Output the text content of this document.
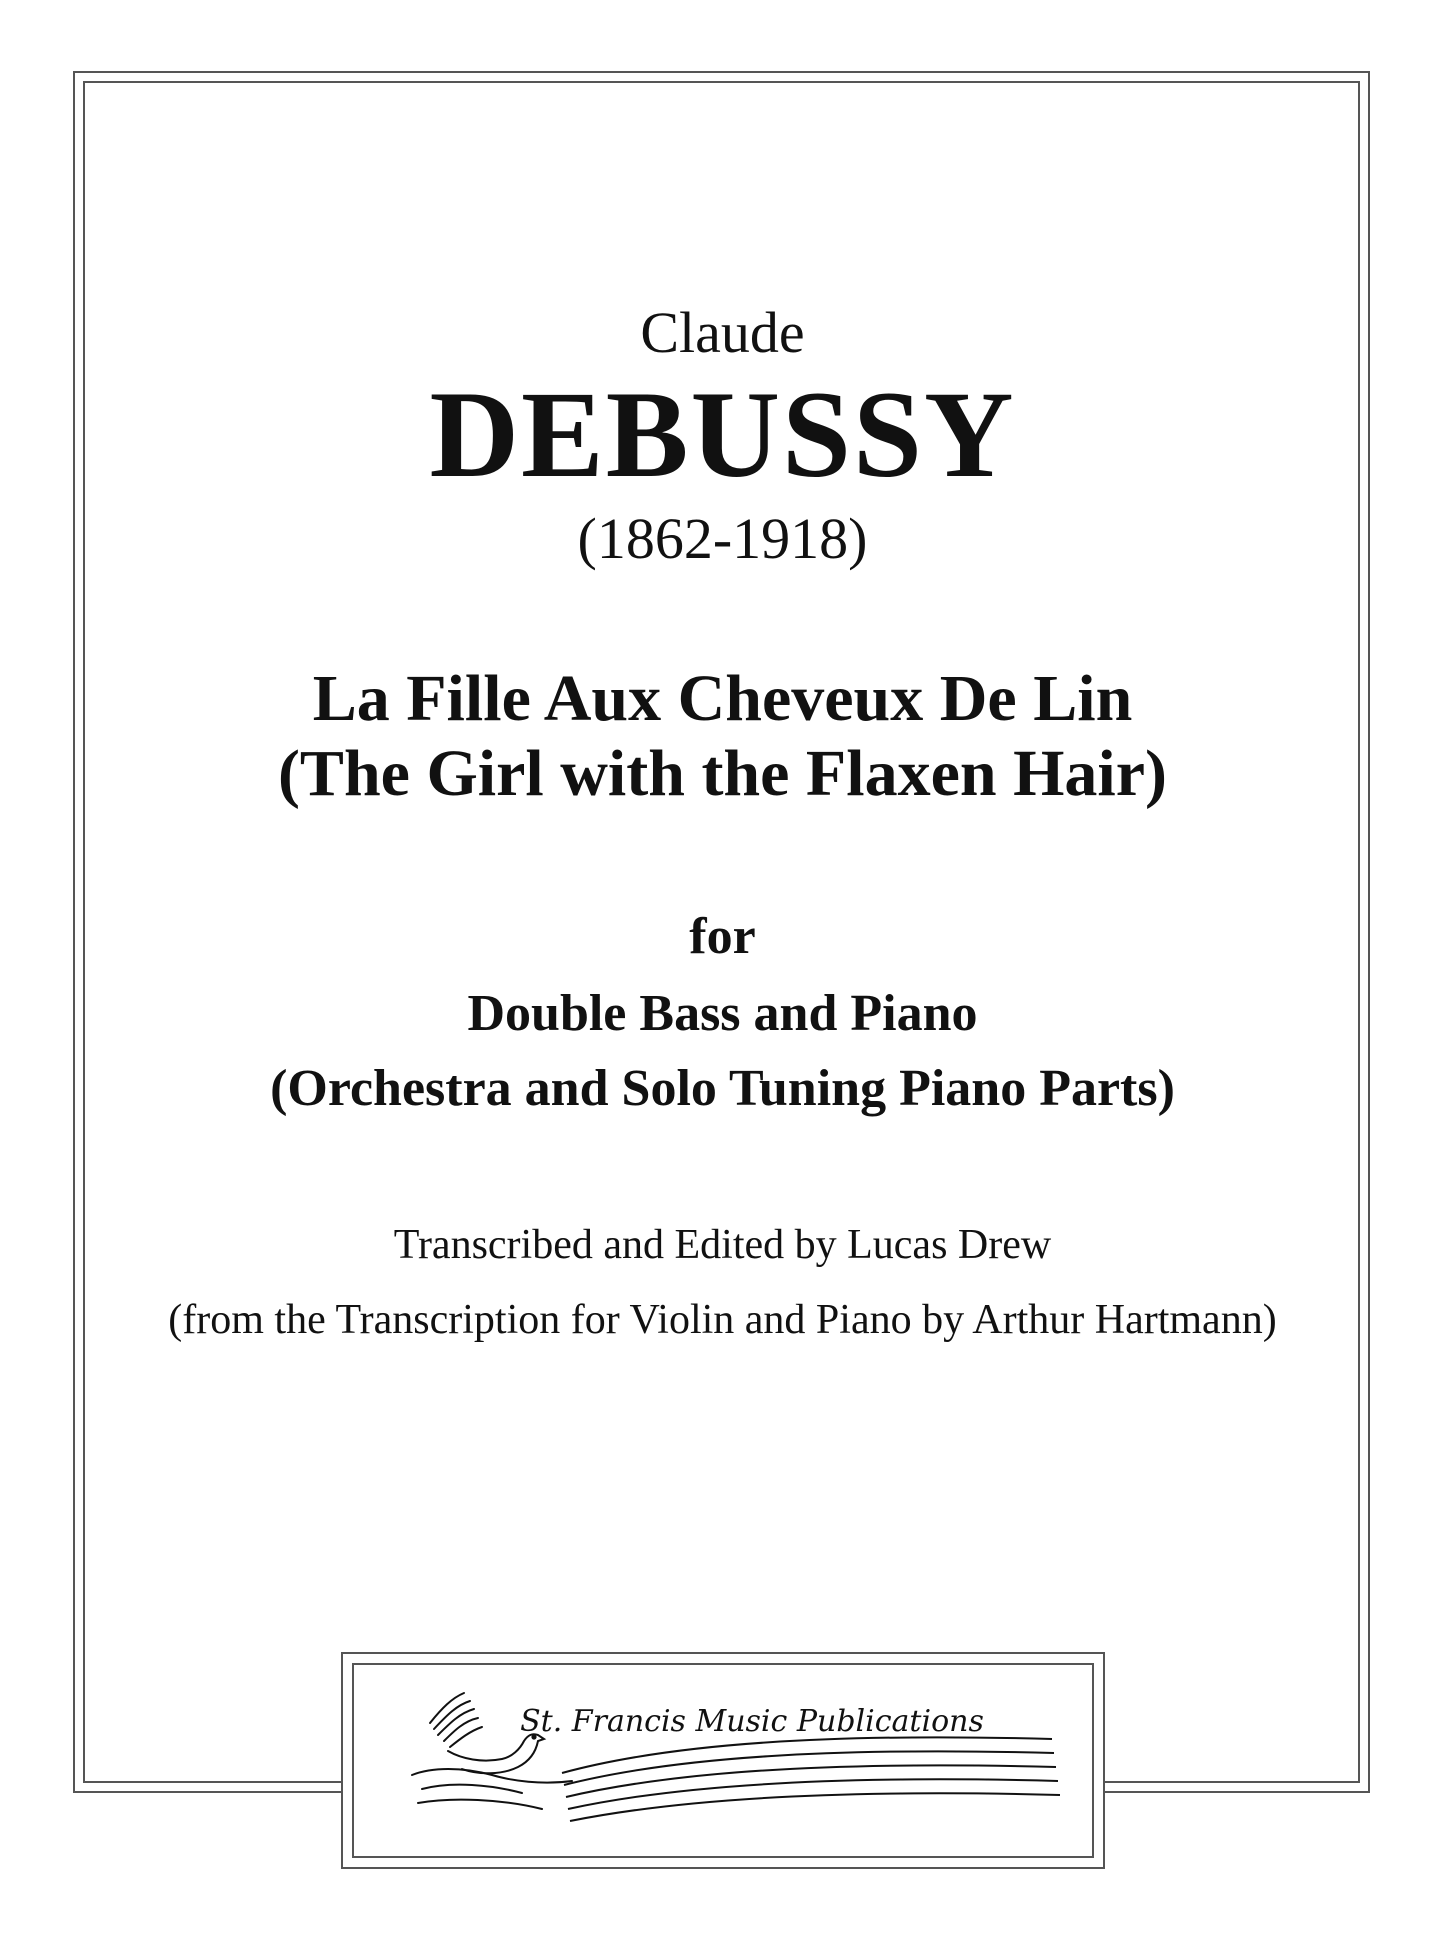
Claude
DEBUSSY
(1862-1918)
La Fille Aux Cheveux De Lin
(The Girl with the Flaxen Hair)
for
Double Bass and Piano
(Orchestra and Solo Tuning Piano Parts)
Transcribed and Edited by Lucas Drew
(from the Transcription for Violin and Piano by Arthur Hartmann)
St. Francis Music Publications
